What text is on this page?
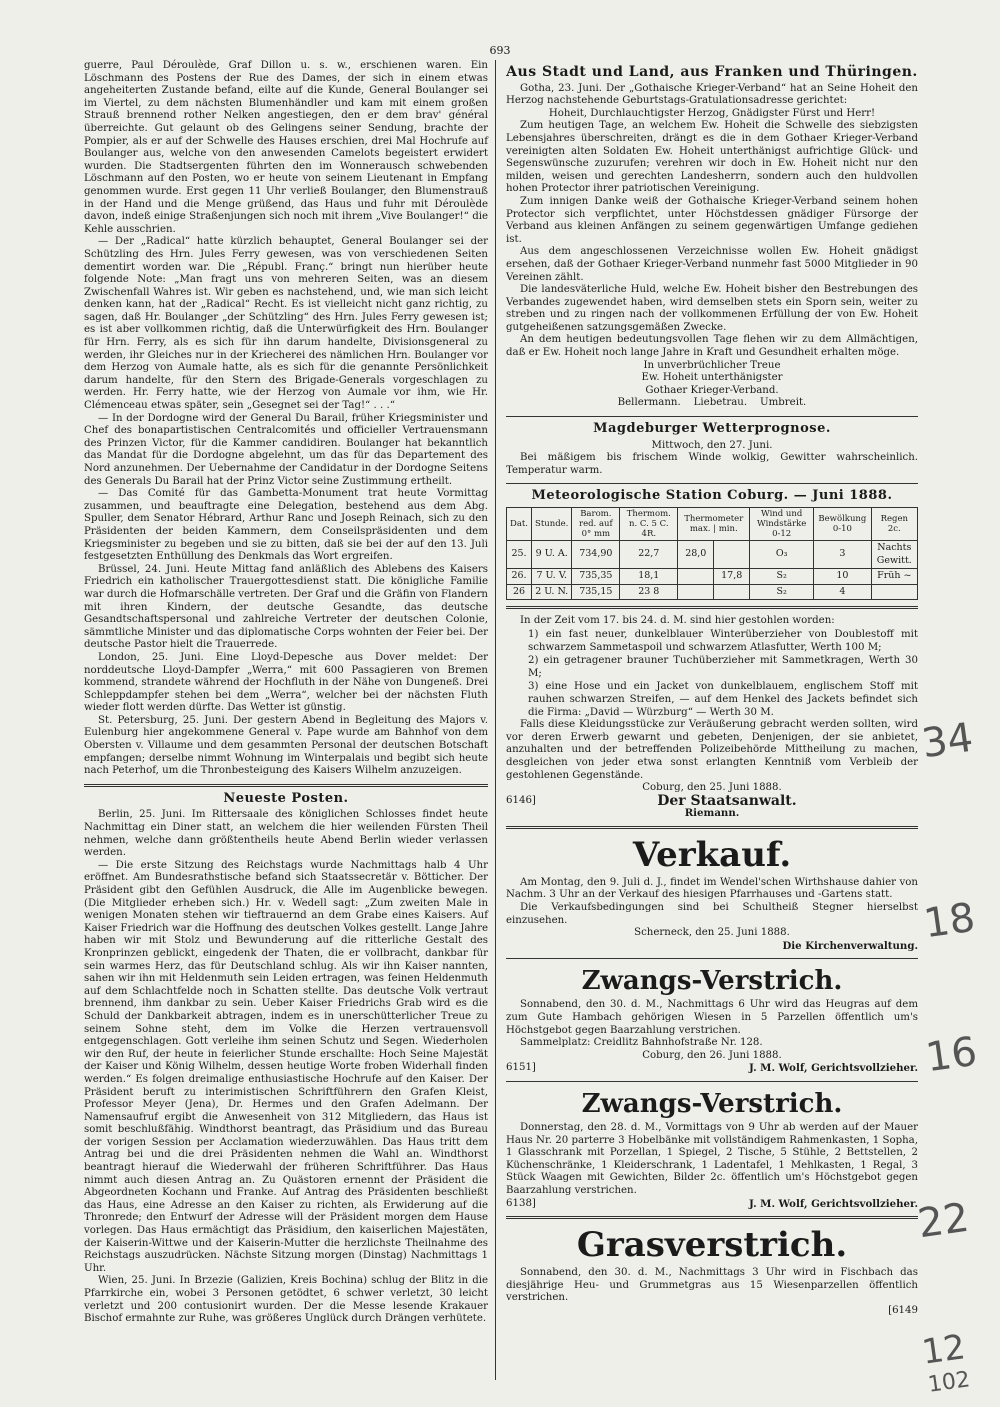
693

guerre, Paul Déroulède, Graf Dillon u. s. w., erschienen waren. Ein Löschmann des Postens der Rue des Dames, der sich in einem etwas angeheiterten Zustande befand, eilte auf die Kunde, General Boulanger sei im Viertel, zu dem nächsten Blumenhändler und kam mit einem großen Strauß brennend rother Nelken angestiegen, den er dem brav' général überreichte. Gut gelaunt ob des Gelingens seiner Sendung, brachte der Pompier, als er auf der Schwelle des Hauses erschien, drei Mal Hochrufe auf Boulanger aus, welche von den anwesenden Camelots begeistert erwidert wurden. Die Stadtsergenten führten den im Wonnerausch schwebenden Löschmann auf den Posten, wo er heute von seinem Lieutenant in Empfang genommen wurde. Erst gegen 11 Uhr verließ Boulanger, den Blumenstrauß in der Hand und die Menge grüßend, das Haus und fuhr mit Déroulède davon, indeß einige Straßenjungen sich noch mit ihrem „Vive Boulanger!“ die Kehle ausschrien.

— Der „Radical“ hatte kürzlich behauptet, General Boulanger sei der Schützling des Hrn. Jules Ferry gewesen, was von verschiedenen Seiten dementirt worden war. Die „Républ. Franç.“ bringt nun hierüber heute folgende Note: „Man fragt uns von mehreren Seiten, was an diesem Zwischenfall Wahres ist. Wir geben es nachstehend, und, wie man sich leicht denken kann, hat der „Radical“ Recht. Es ist vielleicht nicht ganz richtig, zu sagen, daß Hr. Boulanger „der Schützling“ des Hrn. Jules Ferry gewesen ist; es ist aber vollkommen richtig, daß die Unterwürfigkeit des Hrn. Boulanger für Hrn. Ferry, als es sich für ihn darum handelte, Divisionsgeneral zu werden, ihr Gleiches nur in der Kriecherei des nämlichen Hrn. Boulanger vor dem Herzog von Aumale hatte, als es sich für die genannte Persönlichkeit darum handelte, für den Stern des Brigade-Generals vorgeschlagen zu werden. Hr. Ferry hatte, wie der Herzog von Aumale vor ihm, wie Hr. Clémenceau etwas später, sein „Gesegnet sei der Tag!“ . . .“

— In der Dordogne wird der General Du Barail, früher Kriegsminister und Chef des bonapartistischen Centralcomités und officieller Vertrauensmann des Prinzen Victor, für die Kammer candidiren. Boulanger hat bekanntlich das Mandat für die Dordogne abgelehnt, um das für das Departement des Nord anzunehmen. Der Uebernahme der Candidatur in der Dordogne Seitens des Generals Du Barail hat der Prinz Victor seine Zustimmung ertheilt.

— Das Comité für das Gambetta-Monument trat heute Vormittag zusammen, und beauftragte eine Delegation, bestehend aus dem Abg. Spuller, dem Senator Hébrard, Arthur Ranc und Joseph Reinach, sich zu den Präsidenten der beiden Kammern, dem Conseilspräsidenten und dem Kriegsminister zu begeben und sie zu bitten, daß sie bei der auf den 13. Juli festgesetzten Enthüllung des Denkmals das Wort ergreifen.

Brüssel, 24. Juni. Heute Mittag fand anläßlich des Ablebens des Kaisers Friedrich ein katholischer Trauergottesdienst statt. Die königliche Familie war durch die Hofmarschälle vertreten. Der Graf und die Gräfin von Flandern mit ihren Kindern, der deutsche Gesandte, das deutsche Gesandtschaftspersonal und zahlreiche Vertreter der deutschen Colonie, sämmtliche Minister und das diplomatische Corps wohnten der Feier bei. Der deutsche Pastor hielt die Trauerrede.

London, 25. Juni. Eine Lloyd-Depesche aus Dover meldet: Der norddeutsche Lloyd-Dampfer „Werra,“ mit 600 Passagieren von Bremen kommend, strandete während der Hochfluth in der Nähe von Dungeneß. Drei Schleppdampfer stehen bei dem „Werra“, welcher bei der nächsten Fluth wieder flott werden dürfte. Das Wetter ist günstig.

St. Petersburg, 25. Juni. Der gestern Abend in Begleitung des Majors v. Eulenburg hier angekommene General v. Pape wurde am Bahnhof von dem Obersten v. Villaume und dem gesammten Personal der deutschen Botschaft empfangen; derselbe nimmt Wohnung im Winterpalais und begibt sich heute nach Peterhof, um die Thronbesteigung des Kaisers Wilhelm anzuzeigen.

Neueste Posten.

Berlin, 25. Juni. Im Rittersaale des königlichen Schlosses findet heute Nachmittag ein Diner statt, an welchem die hier weilenden Fürsten Theil nehmen, welche dann größtentheils heute Abend Berlin wieder verlassen werden.

— Die erste Sitzung des Reichstags wurde Nachmittags halb 4 Uhr eröffnet. Am Bundesrathstische befand sich Staatssecretär v. Bötticher. Der Präsident gibt den Gefühlen Ausdruck, die Alle im Augenblicke bewegen. (Die Mitglieder erheben sich.) Hr. v. Wedell sagt: „Zum zweiten Male in wenigen Monaten stehen wir tieftrauernd an dem Grabe eines Kaisers. Auf Kaiser Friedrich war die Hoffnung des deutschen Volkes gestellt. Lange Jahre haben wir mit Stolz und Bewunderung auf die ritterliche Gestalt des Kronprinzen geblickt, eingedenk der Thaten, die er vollbracht, dankbar für sein warmes Herz, das für Deutschland schlug. Als wir ihn Kaiser nannten, sahen wir ihn mit Heldenmuth sein Leiden ertragen, was feinen Heldenmuth auf dem Schlachtfelde noch in Schatten stellte. Das deutsche Volk vertraut brennend, ihm dankbar zu sein. Ueber Kaiser Friedrichs Grab wird es die Schuld der Dankbarkeit abtragen, indem es in unerschütterlicher Treue zu seinem Sohne steht, dem im Volke die Herzen vertrauensvoll entgegenschlagen. Gott verleihe ihm seinen Schutz und Segen. Wiederholen wir den Ruf, der heute in feierlicher Stunde erschallte: Hoch Seine Majestät der Kaiser und König Wilhelm, dessen heutige Worte froben Widerhall finden werden.“ Es folgen dreimalige enthusiastische Hochrufe auf den Kaiser. Der Präsident beruft zu interimistischen Schriftführern den Grafen Kleist, Professor Meyer (Jena), Dr. Hermes und den Grafen Adelmann. Der Namensaufruf ergibt die Anwesenheit von 312 Mitgliedern, das Haus ist somit beschlußfähig. Windthorst beantragt, das Präsidium und das Bureau der vorigen Session per Acclamation wiederzuwählen. Das Haus tritt dem Antrag bei und die drei Präsidenten nehmen die Wahl an. Windthorst beantragt hierauf die Wiederwahl der früheren Schriftführer. Das Haus nimmt auch diesen Antrag an. Zu Quästoren ernennt der Präsident die Abgeordneten Kochann und Franke. Auf Antrag des Präsidenten beschließt das Haus, eine Adresse an den Kaiser zu richten, als Erwiderung auf die Thronrede; den Entwurf der Adresse will der Präsident morgen dem Hause vorlegen. Das Haus ermächtigt das Präsidium, den kaiserlichen Majestäten, der Kaiserin-Wittwe und der Kaiserin-Mutter die herzlichste Theilnahme des Reichstags auszudrücken. Nächste Sitzung morgen (Dinstag) Nachmittags 1 Uhr.

Wien, 25. Juni. In Brzezie (Galizien, Kreis Bochina) schlug der Blitz in die Pfarrkirche ein, wobei 3 Personen getödtet, 6 schwer verletzt, 30 leicht verletzt und 200 contusionirt wurden. Der die Messe lesende Krakauer Bischof ermahnte zur Ruhe, was größeres Unglück durch Drängen verhütete.

Aus Stadt und Land, aus Franken und Thüringen.

Gotha, 23. Juni. Der „Gothaische Krieger-Verband“ hat an Seine Hoheit den Herzog nachstehende Geburtstags-Gratulationsadresse gerichtet:

Hoheit, Durchlauchtigster Herzog, Gnädigster Fürst und Herr!

Zum heutigen Tage, an welchem Ew. Hoheit die Schwelle des siebzigsten Lebensjahres überschreiten, drängt es die in dem Gothaer Krieger-Verband vereinigten alten Soldaten Ew. Hoheit unterthänigst aufrichtige Glück- und Segenswünsche zuzurufen; verehren wir doch in Ew. Hoheit nicht nur den milden, weisen und gerechten Landesherrn, sondern auch den huldvollen hohen Protector ihrer patriotischen Vereinigung.

Zum innigen Danke weiß der Gothaische Krieger-Verband seinem hohen Protector sich verpflichtet, unter Höchstdessen gnädiger Fürsorge der Verband aus kleinen Anfängen zu seinem gegenwärtigen Umfange gediehen ist.

Aus dem angeschlossenen Verzeichnisse wollen Ew. Hoheit gnädigst ersehen, daß der Gothaer Krieger-Verband nunmehr fast 5000 Mitglieder in 90 Vereinen zählt.

Die landesväterliche Huld, welche Ew. Hoheit bisher den Bestrebungen des Verbandes zugewendet haben, wird demselben stets ein Sporn sein, weiter zu streben und zu ringen nach der vollkommenen Erfüllung der von Ew. Hoheit gutgeheißenen satzungsgemäßen Zwecke.

An dem heutigen bedeutungsvollen Tage flehen wir zu dem Allmächtigen, daß er Ew. Hoheit noch lange Jahre in Kraft und Gesundheit erhalten möge.

In unverbrüchlicher Treue

Ew. Hoheit unterthänigster

Gothaer Krieger-Verband.

Bellermann.    Liebetrau.    Umbreit.

Magdeburger Wetterprognose.

Mittwoch, den 27. Juni.

Bei mäßigem bis frischem Winde wolkig, Gewitter wahrscheinlich. Temperatur warm.

Meteorologische Station Coburg. — Juni 1888.
Dat.	Stunde.	Barom. red. auf 0° mm	Thermom. n. C. 5 C. 4R.	Thermometer max. | min.		Wind und Windstärke 0-12	Bewölkung 0-10	Regen 2c.
25.	9 U. A.	734,90	22,7	28,0		O₃	3	Nachts Gewitt.
26.	7 U. V.	735,35	18,1		17,8	S₂	10	Früh ~
26	2 U. N.	735,15	23 8			S₂	4	

In der Zeit vom 17. bis 24. d. M. sind hier gestohlen worden:

1) ein fast neuer, dunkelblauer Winterüberzieher von Doublestoff mit schwarzem Sammetaspoil und schwarzem Atlasfutter, Werth 100 M;

2) ein getragener brauner Tuchüberzieher mit Sammetkragen, Werth 30 M;

3) eine Hose und ein Jacket von dunkelblauem, englischem Stoff mit rauhen schwarzen Streifen, — auf dem Henkel des Jackets befindet sich die Firma: „David — Würzburg“ — Werth 30 M.

Falls diese Kleidungsstücke zur Veräußerung gebracht werden sollten, wird vor deren Erwerb gewarnt und gebeten, Denjenigen, der sie anbietet, anzuhalten und der betreffenden Polizeibehörde Mittheilung zu machen, desgleichen von jeder etwa sonst erlangten Kenntniß vom Verbleib der gestohlenen Gegenstände.

Coburg, den 25. Juni 1888.

6146]	Der Staatsanwalt.

Riemann.

Verkauf.

Am Montag, den 9. Juli d. J., findet im Wendel'schen Wirthshause dahier von Nachm. 3 Uhr an der Verkauf des hiesigen Pfarrhauses und -Gartens statt.

Die Verkaufsbedingungen sind bei Schultheiß Stegner hierselbst einzusehen.

Scherneck, den 25. Juni 1888.

Die Kirchenverwaltung.

Zwangs-Verstrich.

Sonnabend, den 30. d. M., Nachmittags 6 Uhr wird das Heugras auf dem zum Gute Hambach gehörigen Wiesen in 5 Parzellen öffentlich um's Höchstgebot gegen Baarzahlung verstrichen.

Sammelplatz: Creidlitz Bahnhofstraße Nr. 128.

Coburg, den 26. Juni 1888.

6151]	J. M. Wolf, Gerichtsvollzieher.
Zwangs-Verstrich.

Donnerstag, den 28. d. M., Vormittags von 9 Uhr ab werden auf der Mauer Haus Nr. 20 parterre 3 Hobelbänke mit vollständigem Rahmenkasten, 1 Sopha, 1 Glasschrank mit Porzellan, 1 Spiegel, 2 Tische, 5 Stühle, 2 Bettstellen, 2 Küchenschränke, 1 Kleiderschrank, 1 Ladentafel, 1 Mehlkasten, 1 Regal, 3 Stück Waagen mit Gewichten, Bilder 2c. öffentlich um's Höchstgebot gegen Baarzahlung verstrichen.

6138]	J. M. Wolf, Gerichtsvollzieher.
Grasverstrich.

Sonnabend, den 30. d. M., Nachmittags 3 Uhr wird in Fischbach das diesjährige Heu- und Grummetgras aus 15 Wiesenparzellen öffentlich verstrichen.

[6149

34
18
16
22
12
102
